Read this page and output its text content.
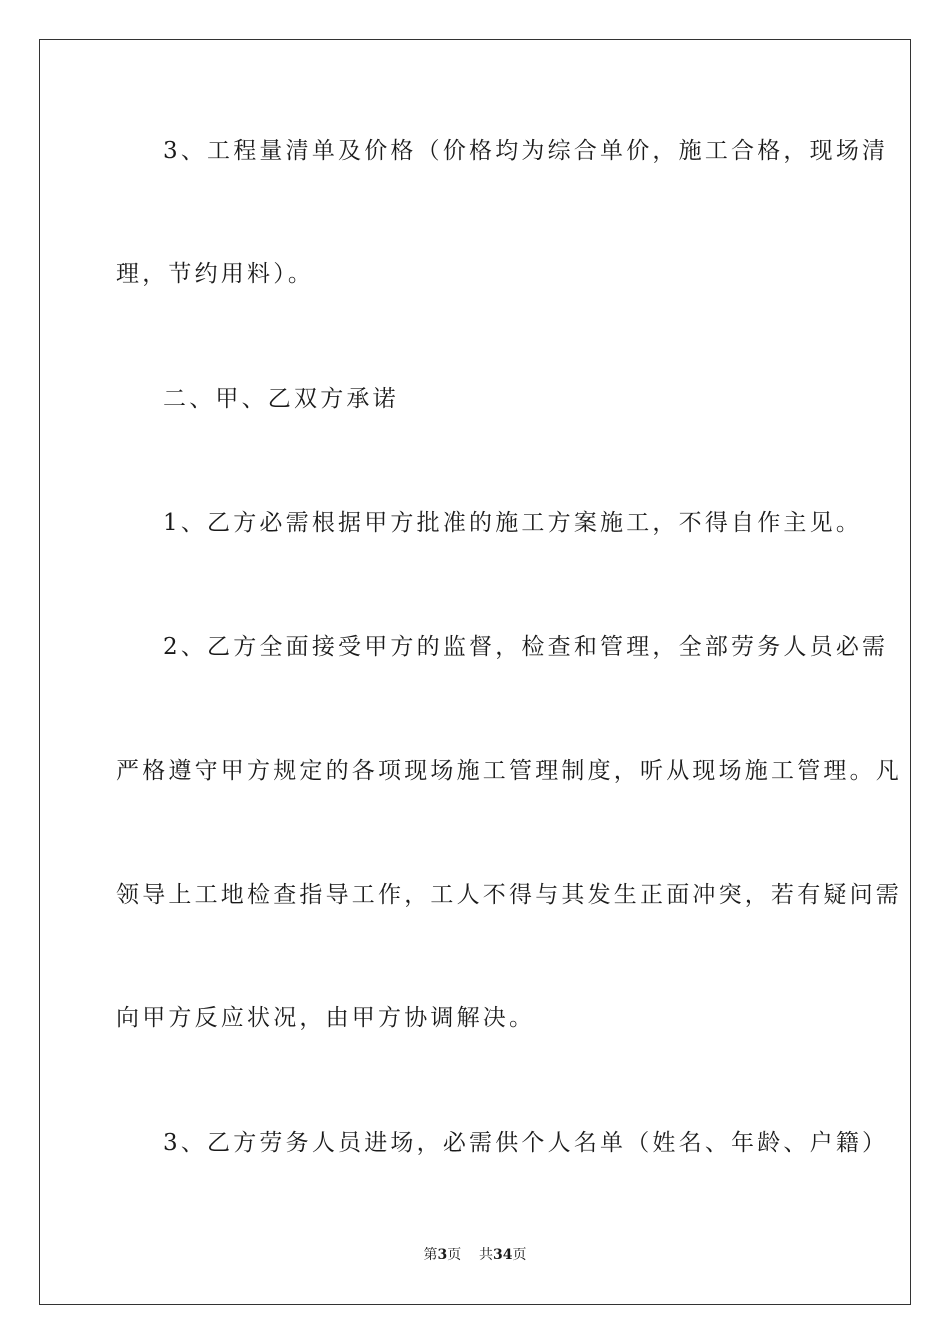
3、工程量清单及价格（价格均为综合单价，施工合格，现场清
理，节约用料）。
二、甲、乙双方承诺
1、乙方必需根据甲方批准的施工方案施工，不得自作主见。
2、乙方全面接受甲方的监督，检查和管理，全部劳务人员必需
严格遵守甲方规定的各项现场施工管理制度，听从现场施工管理。凡
领导上工地检查指导工作，工人不得与其发生正面冲突，若有疑问需
向甲方反应状况，由甲方协调解决。
3、乙方劳务人员进场，必需供个人名单（姓名、年龄、户籍）
第3页 共34页
